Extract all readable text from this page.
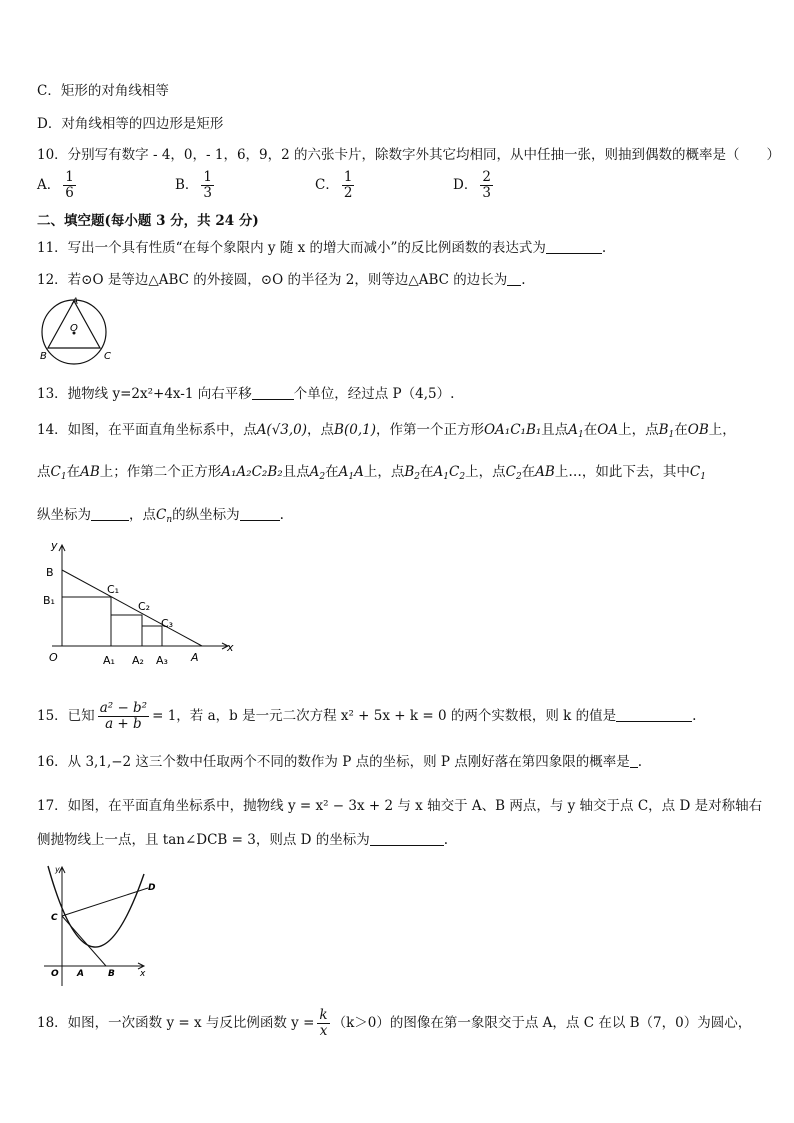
C．矩形的对角线相等
D．对角线相等的四边形是矩形
10．分别写有数字 - 4，0，- 1，6，9，2 的六张卡片，除数字外其它均相同，从中任抽一张，则抽到偶数的概率是（　　）
A． $\frac{1}{6}$	B． $\frac{1}{3}$	C． $\frac{1}{2}$	D． $\frac{2}{3}$
二、填空题(每小题 3 分，共 24 分)
11．写出一个具有性质“在每个象限内 y 随 x 的增大而减小”的反比例函数的表达式为	.
12．若⊙O 是等边△ABC 的外接圆，⊙O 的半径为 2，则等边△ABC 的边长为 .
A
O
B	C
13．抛物线 y=2x²+4x-1 向右平移	个单位，经过点 P（4,5）.
14．如图，在平面直角坐标系中，点A(√3,0)，点B(0,1)，作第一个正方形OA₁C₁B₁且点$A_1$在OA上，点$B_1$在OB上，
点$C_1$在AB上；作第二个正方形A₁A₂C₂B₂且点$A_2$在$A_1A$上，点$B_2$在$A_1C_2$上，点$C_2$在AB上…，如此下去，其中$C_1$
纵坐标为	，点$C_n$的纵坐标为	.
y
x
B
B₁
O
C₁
C₂
C₃
A₁ A₂ A₃ A
15．已知 $\frac{\text{a² − b²}}{a + b} = 1$，若 a，b 是一元二次方程 x² + 5x + k = 0 的两个实数根，则 k 的值是	.
16．从 3,1,−2 这三个数中任取两个不同的数作为 P 点的坐标，则 P 点刚好落在第四象限的概率是 .
17．如图，在平面直角坐标系中，抛物线 y = x² − 3x + 2 与 x 轴交于 A、B 两点，与 y 轴交于点 C，点 D 是对称轴右
侧抛物线上一点，且 tan∠DCB = 3，则点 D 的坐标为	.
y
D
C
O A	B	x
18．如图，一次函数 y = x 与反比例函数 $y = \frac{k}{x} (k>0)$的图像在第一象限交于点 A，点 C 在以 B（7，0）为圆心，
